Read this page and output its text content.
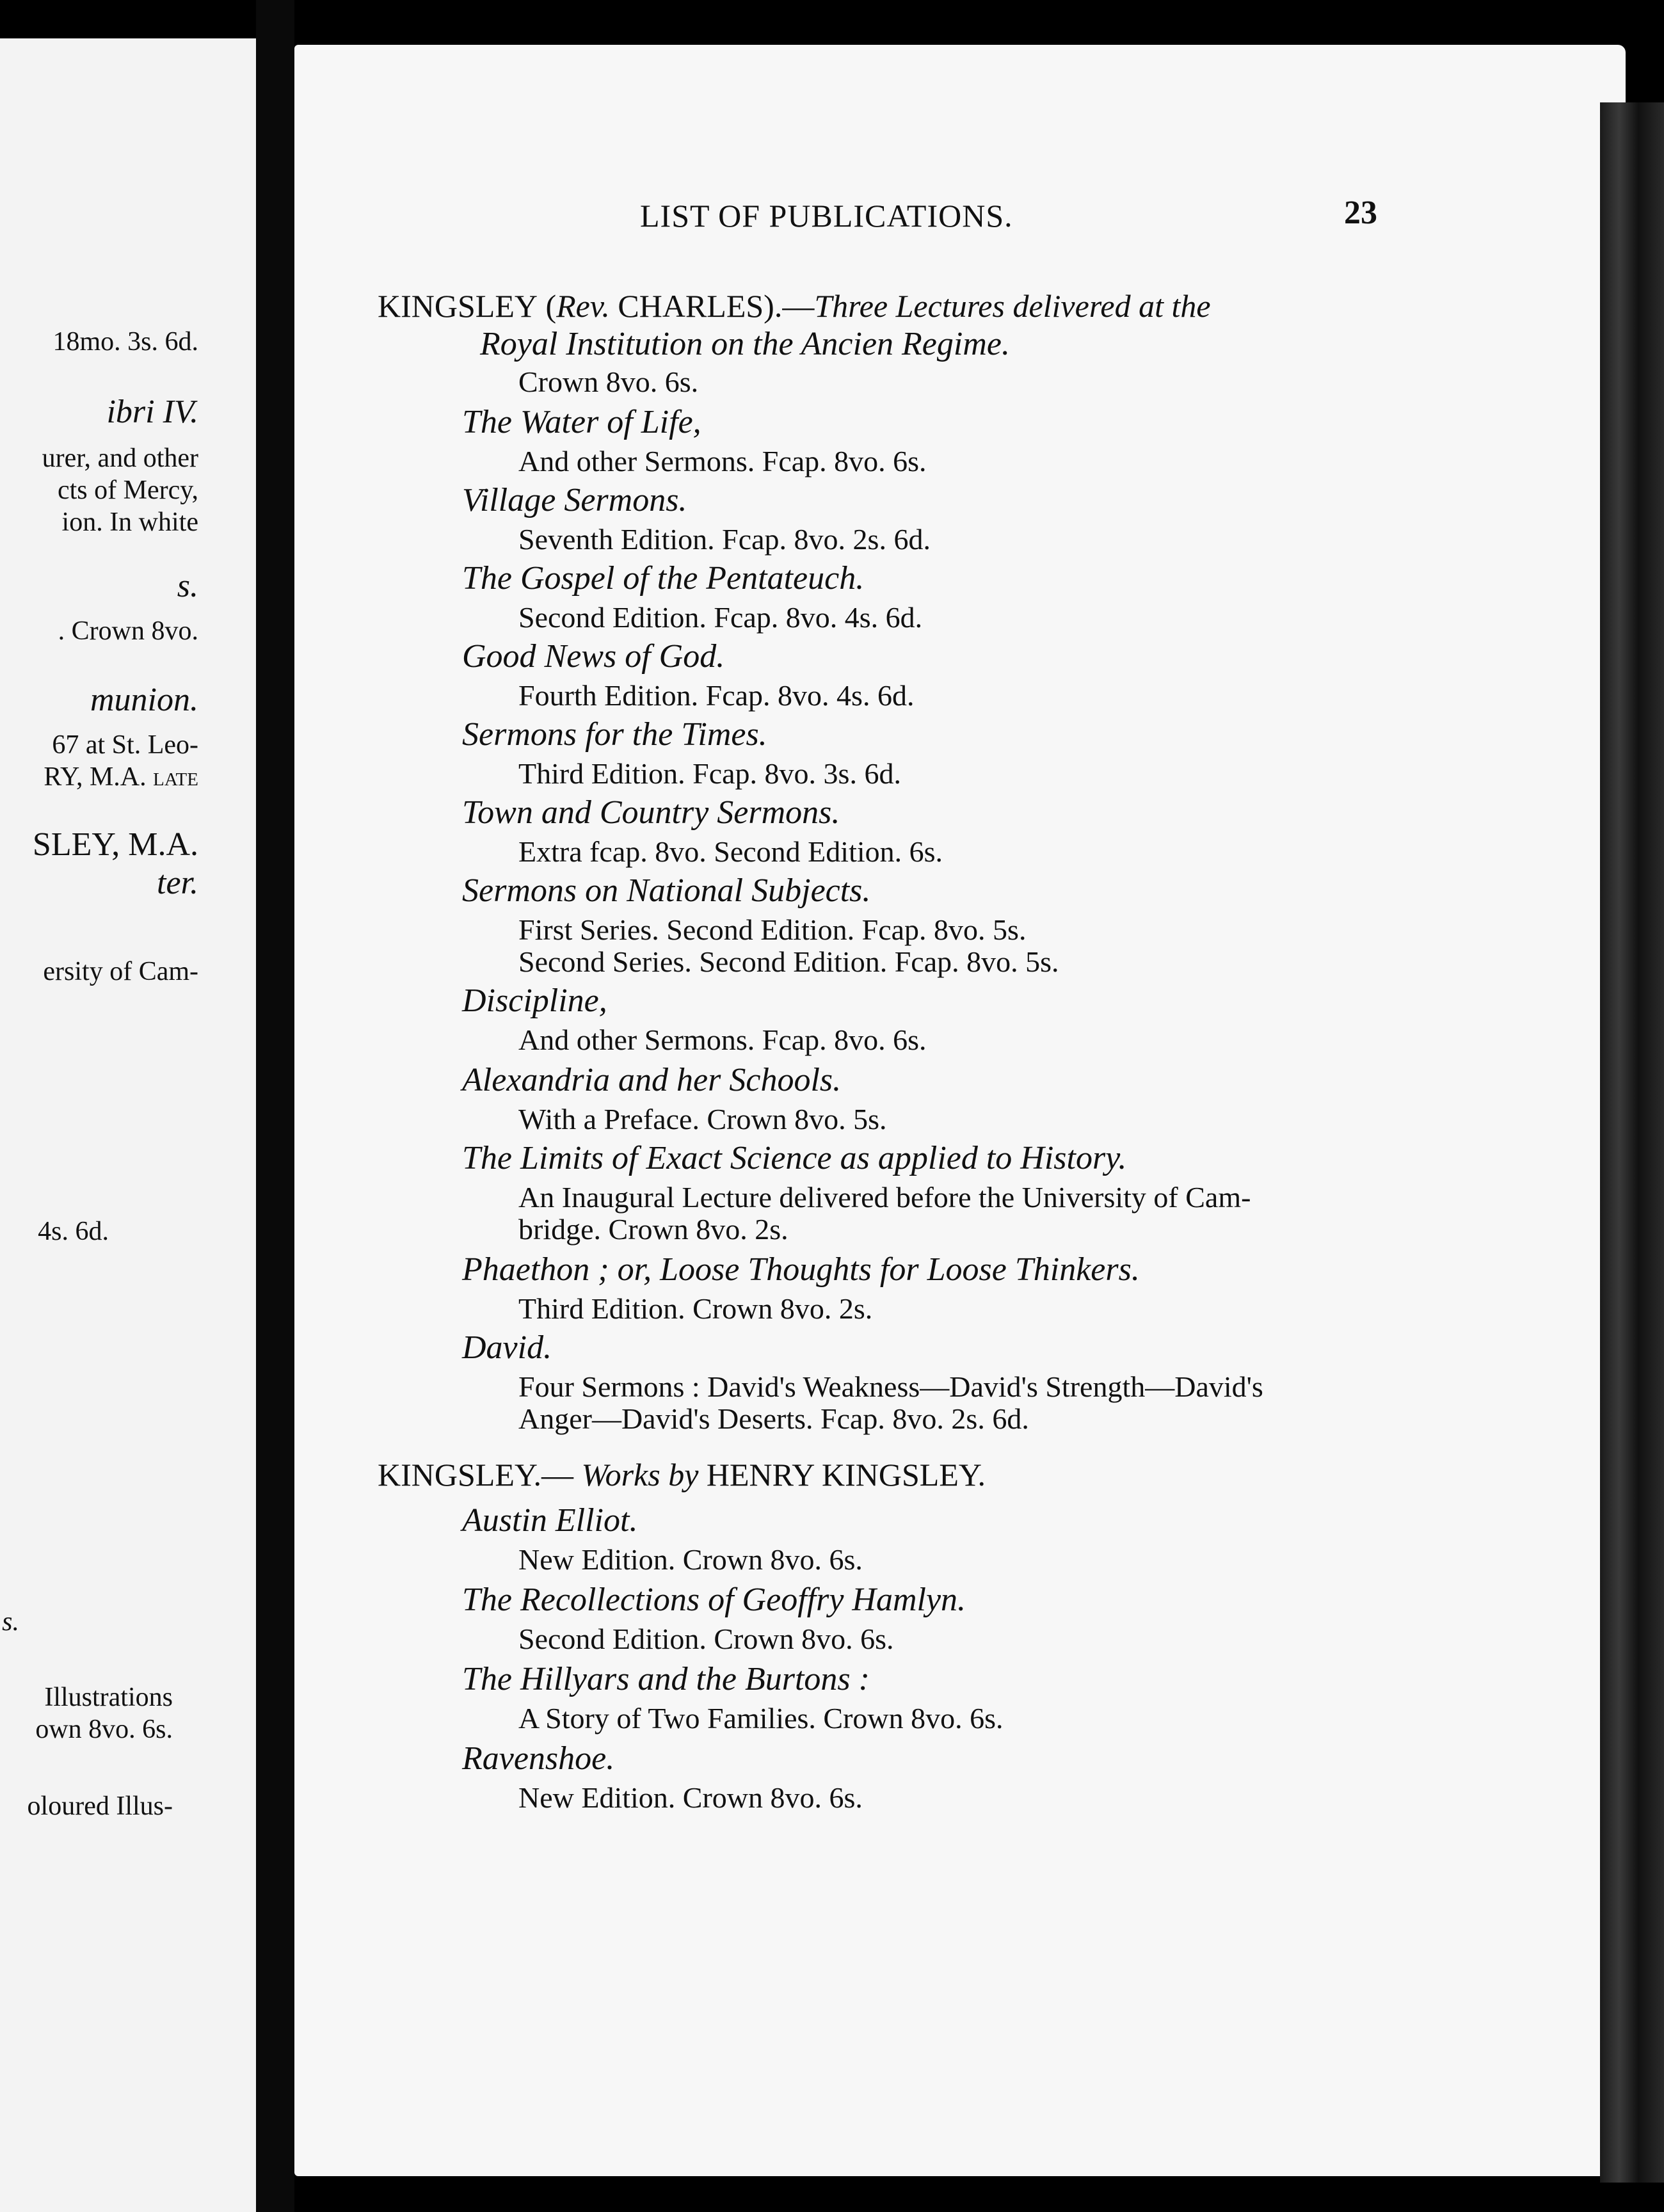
18mo. 3s. 6d.
ibri IV.
urer, and other
cts of Mercy,
ion. In white
s.
. Crown 8vo.
munion.
67 at St. Leo-
RY, M.A. late
SLEY, M.A.
ter.
ersity of Cam-
4s. 6d.
s.
Illustrations
own 8vo. 6s.
oloured Illus-
LIST OF PUBLICATIONS.	23
KINGSLEY (Rev. CHARLES).—Three Lectures delivered at the
Royal Institution on the Ancien Regime.
Crown 8vo. 6s.
The Water of Life,
And other Sermons. Fcap. 8vo. 6s.
Village Sermons.
Seventh Edition. Fcap. 8vo. 2s. 6d.
The Gospel of the Pentateuch.
Second Edition. Fcap. 8vo. 4s. 6d.
Good News of God.
Fourth Edition. Fcap. 8vo. 4s. 6d.
Sermons for the Times.
Third Edition. Fcap. 8vo. 3s. 6d.
Town and Country Sermons.
Extra fcap. 8vo. Second Edition. 6s.
Sermons on National Subjects.
First Series. Second Edition. Fcap. 8vo. 5s.
Second Series. Second Edition. Fcap. 8vo. 5s.
Discipline,
And other Sermons. Fcap. 8vo. 6s.
Alexandria and her Schools.
With a Preface. Crown 8vo. 5s.
The Limits of Exact Science as applied to History.
An Inaugural Lecture delivered before the University of Cam-
bridge. Crown 8vo. 2s.
Phaethon ; or, Loose Thoughts for Loose Thinkers.
Third Edition. Crown 8vo. 2s.
David.
Four Sermons : David's Weakness—David's Strength—David's
Anger—David's Deserts. Fcap. 8vo. 2s. 6d.
KINGSLEY.— Works by HENRY KINGSLEY.
Austin Elliot.
New Edition. Crown 8vo. 6s.
The Recollections of Geoffry Hamlyn.
Second Edition. Crown 8vo. 6s.
The Hillyars and the Burtons :
A Story of Two Families. Crown 8vo. 6s.
Ravenshoe.
New Edition. Crown 8vo. 6s.
